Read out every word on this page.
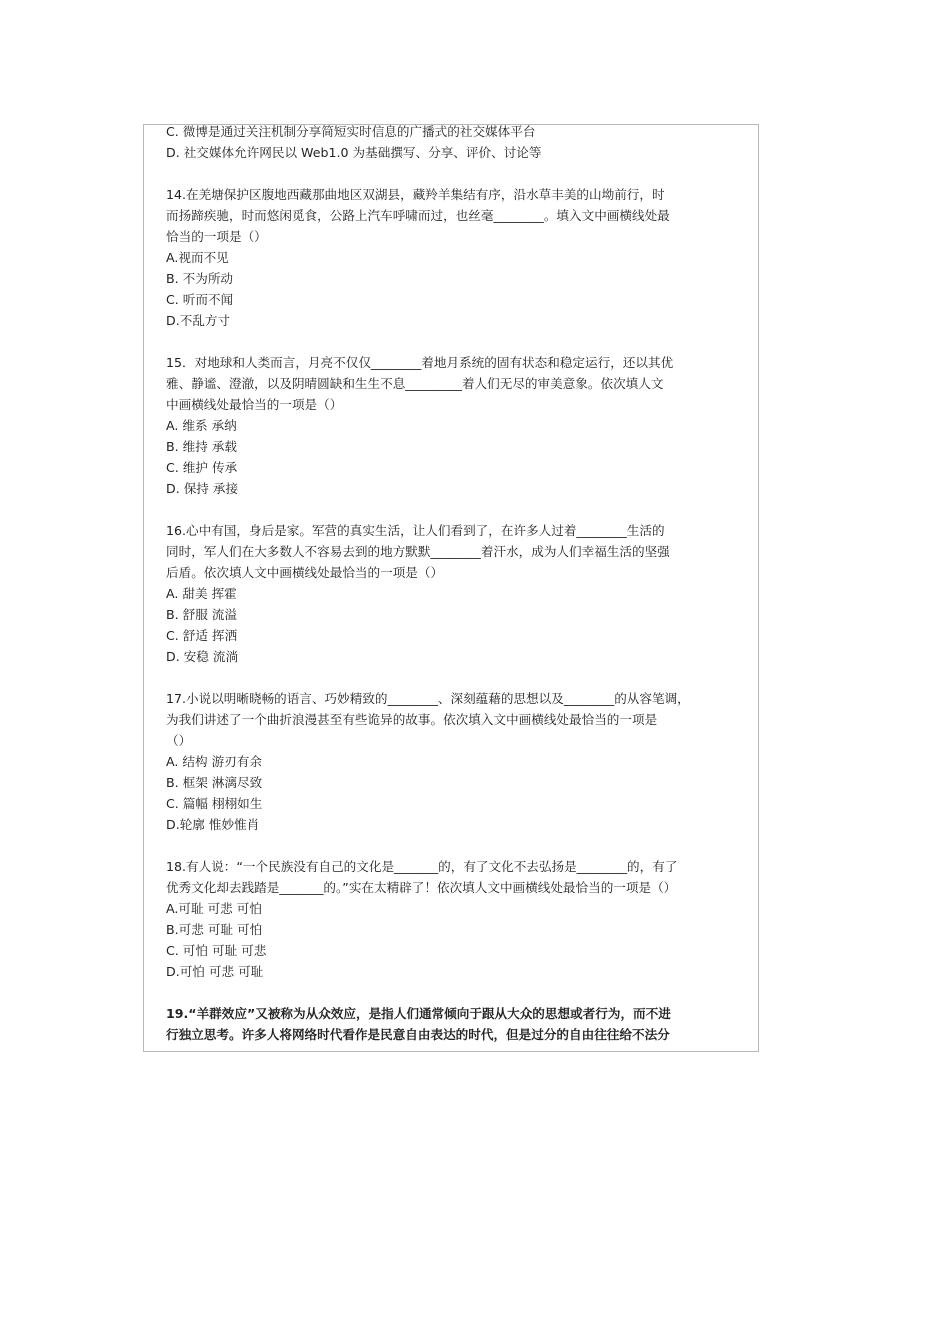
C. 微博是通过关注机制分享简短实时信息的广播式的社交媒体平台
D. 社交媒体允许网民以 Web1.0 为基础撰写、分享、评价、讨论等
14.在羌塘保护区腹地西藏那曲地区双湖县，藏羚羊集结有序，沿水草丰美的山坳前行，时
而扬蹄疾驰，时而悠闲觅食，公路上汽车呼啸而过，也丝毫________。填入文中画横线处最
恰当的一项是（）
A.视而不见
B. 不为所动
C. 听而不闻
D.不乱方寸
15．对地球和人类而言，月亮不仅仅________着地月系统的固有状态和稳定运行，还以其优
雅、静谧、澄澈，以及阴晴圆缺和生生不息_________着人们无尽的审美意象。依次填人文
中画横线处最恰当的一项是（）
A. 维系 承纳
B. 维持 承载
C. 维护 传承
D. 保持 承接
16.心中有国，身后是家。军营的真实生活，让人们看到了，在许多人过着________生活的
同时，军人们在大多数人不容易去到的地方默默________着汗水，成为人们幸福生活的坚强
后盾。依次填人文中画横线处最恰当的一项是（）
A. 甜美 挥霍
B. 舒服 流溢
C. 舒适 挥洒
D. 安稳 流淌
17.小说以明晰晓畅的语言、巧妙精致的________、深刻蕴藉的思想以及________的从容笔调，
为我们讲述了一个曲折浪漫甚至有些诡异的故事。依次填入文中画横线处最恰当的一项是
（）
A. 结构 游刃有余
B. 框架 淋漓尽致
C. 篇幅 栩栩如生
D.轮廓 惟妙惟肖
18.有人说：“一个民族没有自己的文化是_______的，有了文化不去弘扬是________的，有了
优秀文化却去践踏是_______的。”实在太精辟了！依次填人文中画横线处最恰当的一项是（）
A.可耻 可悲 可怕
B.可悲 可耻 可怕
C. 可怕 可耻 可悲
D.可怕 可悲 可耻
19.“羊群效应”又被称为从众效应，是指人们通常倾向于跟从大众的思想或者行为，而不进
行独立思考。许多人将网络时代看作是民意自由表达的时代，但是过分的自由往往给不法分
